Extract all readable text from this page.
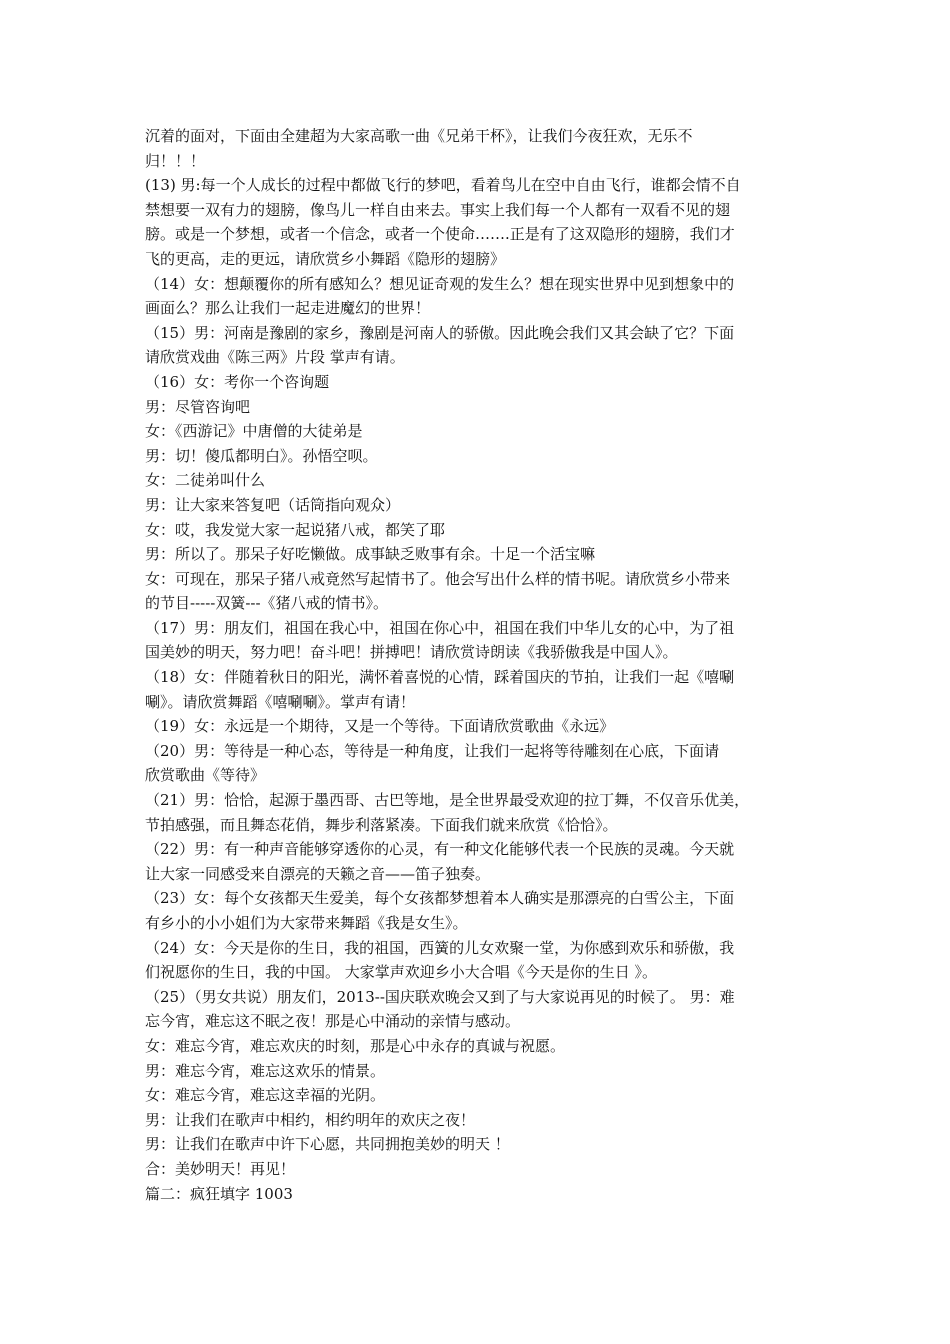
沉着的面对，下面由全建超为大家高歌一曲《兄弟干杯》，让我们今夜狂欢，无乐不
归！！！
(13) 男:每一个人成长的过程中都做飞行的梦吧，看着鸟儿在空中自由飞行，谁都会情不自
禁想要一双有力的翅膀，像鸟儿一样自由来去。事实上我们每一个人都有一双看不见的翅
膀。或是一个梦想，或者一个信念，或者一个使命…….正是有了这双隐形的翅膀，我们才
飞的更高，走的更远，请欣赏乡小舞蹈《隐形的翅膀》
（14）女：想颠覆你的所有感知么？想见证奇观的发生么？想在现实世界中见到想象中的
画面么？那么让我们一起走进魔幻的世界！
（15）男：河南是豫剧的家乡，豫剧是河南人的骄傲。因此晚会我们又其会缺了它？下面
请欣赏戏曲《陈三两》片段 掌声有请。
（16）女：考你一个咨询题
男：尽管咨询吧
女：《西游记》中唐僧的大徒弟是
男：切！傻瓜都明白》。孙悟空呗。
女：二徒弟叫什么
男：让大家来答复吧（话筒指向观众）
女：哎，我发觉大家一起说猪八戒，都笑了耶
男：所以了。那呆子好吃懒做。成事缺乏败事有余。十足一个活宝嘛
女：可现在，那呆子猪八戒竟然写起情书了。他会写出什么样的情书呢。请欣赏乡小带来
的节目-----双簧---《猪八戒的情书》。
（17）男：朋友们，祖国在我心中，祖国在你心中，祖国在我们中华儿女的心中，为了祖
国美妙的明天，努力吧！奋斗吧！拼搏吧！请欣赏诗朗读《我骄傲我是中国人》。
（18）女：伴随着秋日的阳光，满怀着喜悦的心情，踩着国庆的节拍，让我们一起《嘻唰
唰》。请欣赏舞蹈《嘻唰唰》。掌声有请！
（19）女：永远是一个期待，又是一个等待。下面请欣赏歌曲《永远》
（20）男：等待是一种心态，等待是一种角度，让我们一起将等待雕刻在心底，下面请
欣赏歌曲《等待》
（21）男：恰恰，起源于墨西哥、古巴等地，是全世界最受欢迎的拉丁舞，不仅音乐优美，
节拍感强，而且舞态花俏，舞步利落紧凑。下面我们就来欣赏《恰恰》。
（22）男：有一种声音能够穿透你的心灵，有一种文化能够代表一个民族的灵魂。今天就
让大家一同感受来自漂亮的天籁之音——笛子独奏。
（23）女：每个女孩都天生爱美，每个女孩都梦想着本人确实是那漂亮的白雪公主，下面
有乡小的小小姐们为大家带来舞蹈《我是女生》。
（24）女：今天是你的生日，我的祖国，西簧的儿女欢聚一堂，为你感到欢乐和骄傲，我
们祝愿你的生日，我的中国。 大家掌声欢迎乡小大合唱《今天是你的生日 》。
（25）（男女共说）朋友们，2013--国庆联欢晚会又到了与大家说再见的时候了。 男：难
忘今宵，难忘这不眠之夜！那是心中涌动的亲情与感动。
女：难忘今宵，难忘欢庆的时刻，那是心中永存的真诚与祝愿。
男：难忘今宵，难忘这欢乐的情景。
女：难忘今宵，难忘这幸福的光阴。
男：让我们在歌声中相约，相约明年的欢庆之夜！
男：让我们在歌声中许下心愿，共同拥抱美妙的明天 ！
合：美妙明天！再见！
篇二：疯狂填字 1003
